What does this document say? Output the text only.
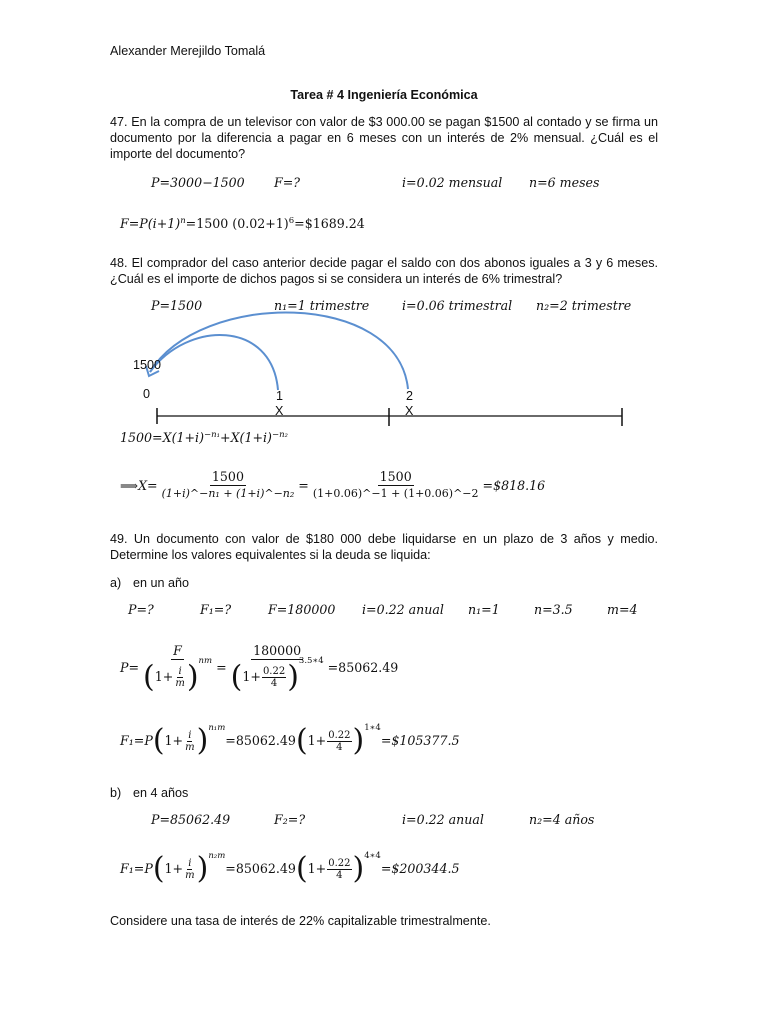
Alexander Merejildo Tomalá
Tarea # 4 Ingeniería Económica
47. En la compra de un televisor con valor de $3 000.00 se pagan $1500 al contado y se firma un documento por la diferencia a pagar en 6 meses con un interés de 2% mensual. ¿Cuál es el importe del documento?
P=3000−1500 F=?	i=0.02 mensual n=6 meses
$F=P(i+1)^n=1500$ $(0.02+1)^6=\$1689.24$
48. El comprador del caso anterior decide pagar el saldo con dos abonos iguales a 3 y 6 meses. ¿Cuál es el importe de dichos pagos si se considera un interés de 6% trimestral?
P=1500	n₁=1 trimestre	i=0.06 trimestral n₂=2 trimestre
1500
0	1
X
2
X
$1500=X(1+i)^{-n_1}+X(1+i)^{-n_2}$
⟹ $X= \frac{1500}{\text{(1+i)\textasciicircum{}−n₁ + (1+i)\textasciicircum{}−n₂}} = \frac{1500}{(1+0.06)\^{}-1 + (1+0.06)\^{}-2}$ =$818.16
49. Un documento con valor de $180 000 debe liquidarse en un plazo de 3 años y medio. Determine los valores equivalentes si la deuda se liquida:
a) en un año
P=?	F₁=?	F=180000 i=0.22 anual n₁=1	n=3.5	m=4
$P= \frac{F}{(1+ \frac{i}{m} )^{nm}} = \frac{180000}{(1+ \frac{0.22}{4} )^{3.5∗4}} =85062.49$
F₁=P ( $1+ \frac{i}{m}$ ) n₁m
=85062.49 ( $1+ \frac{0.22}{4}$ ) 1∗4
=$105377.5
b) en 4 años
P=85062.49	F₂=?	i=0.22 anual	n₂=4 años
F₁=P ( $1+ \frac{i}{m}$ ) n₂m
=85062.49 ( $1+ \frac{0.22}{4}$ ) 4∗4
=$200344.5
Considere una tasa de interés de 22% capitalizable trimestralmente.
